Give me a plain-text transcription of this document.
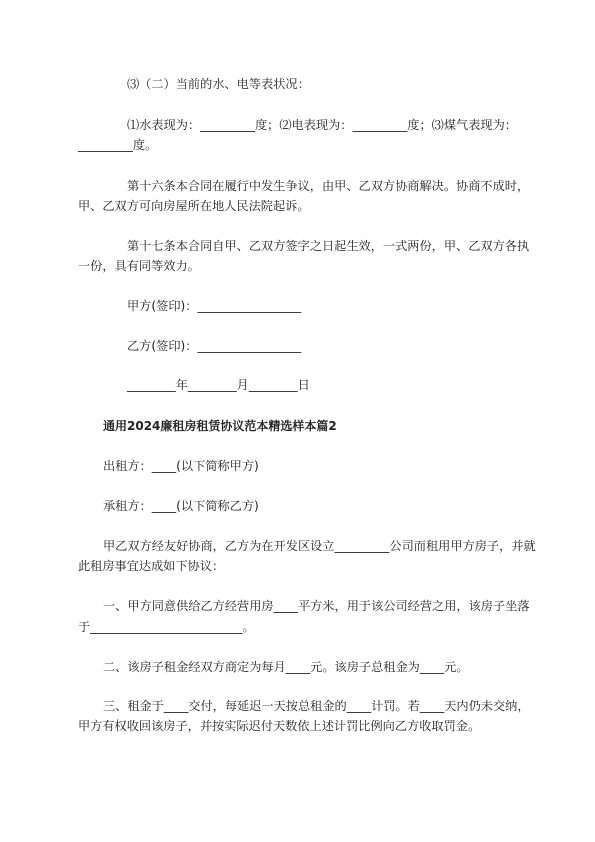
⑶（二）当前的水、电等表状况：

⑴水表现为：_________度；⑵电表现为：_________度；⑶煤气表现为：

_________度。

第十六条本合同在履行中发生争议，由甲、乙双方协商解决。协商不成时，

甲、乙双方可向房屋所在地人民法院起诉。

第十七条本合同自甲、乙双方签字之日起生效，一式两份，甲、乙双方各执

一份，具有同等效力。

甲方(签印)：_________________

乙方(签印)：_________________

________年________月________日

通用2024廉租房租赁协议范本精选样本篇2

出租方：____(以下简称甲方)

承租方：____(以下简称乙方)

甲乙双方经友好协商，乙方为在开发区设立_________公司而租用甲方房子，并就

此租房事宜达成如下协议：

一、甲方同意供给乙方经营用房____平方米，用于该公司经营之用，该房子坐落

于_________________________。

二、该房子租金经双方商定为每月____元。该房子总租金为____元。

三、租金于____交付，每延迟一天按总租金的____计罚。若____天内仍未交纳，

甲方有权收回该房子，并按实际迟付天数依上述计罚比例向乙方收取罚金。
